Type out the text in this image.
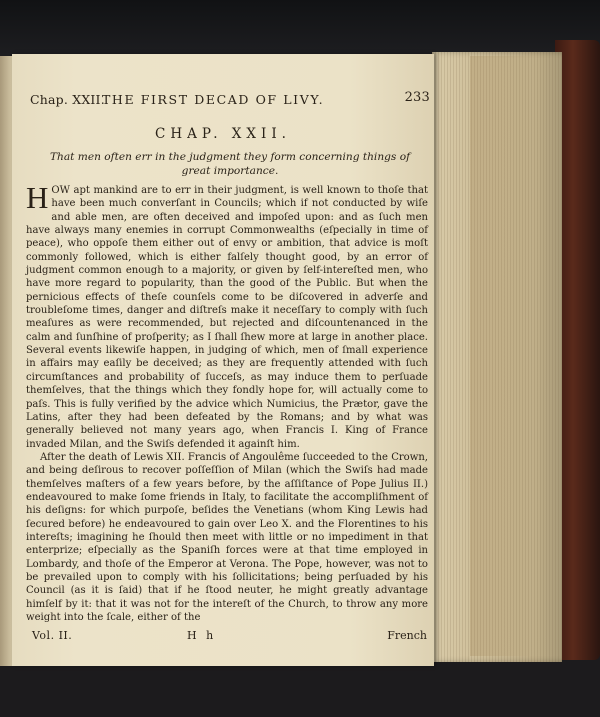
Chap. XXII.
THE FIRST DECAD OF LIVY.	233
CHAP. XXII.
That men often err in the judgment they form concerning things of great importance.

HOW apt mankind are to err in their judgment, is well known to thoſe that have been much converſant in Councils; which if not conducted by wiſe and able men, are often deceived and impoſed upon: and as ſuch men have always many enemies in corrupt Commonwealths (eſpecially in time of peace), who oppoſe them either out of envy or ambition, that advice is moſt commonly followed, which is either falſely thought good, by an error of judgment common enough to a majority, or given by ſelf-intereſted men, who have more regard to popularity, than the good of the Public. But when the pernicious effects of theſe counſels come to be diſcovered in adverſe and troubleſome times, danger and diſtreſs make it neceſſary to comply with ſuch meaſures as were recommended, but rejected and diſcountenanced in the calm and ſunſhine of proſperity; as I ſhall ſhew more at large in another place. Several events likewiſe happen, in judging of which, men of ſmall experience in affairs may eaſily be deceived; as they are frequently attended with ſuch circumſtances and probability of ſucceſs, as may induce them to perſuade themſelves, that the things which they fondly hope for, will actually come to paſs. This is fully verified by the advice which Numicius, the Prætor, gave the Latins, after they had been defeated by the Romans; and by what was generally believed not many years ago, when Francis I. King of France invaded Milan, and the Swiſs defended it againſt him.

After the death of Lewis XII. Francis of Angoulême ſucceeded to the Crown, and being deſirous to recover poſſeſſion of Milan (which the Swiſs had made themſelves maſters of a few years before, by the aſſiſtance of Pope Julius II.) endeavoured to make ſome friends in Italy, to facilitate the accompliſhment of his deſigns: for which purpoſe, beſides the Venetians (whom King Lewis had ſecured before) he endeavoured to gain over Leo X. and the Florentines to his intereſts; imagining he ſhould then meet with little or no impediment in that enterprize; eſpecially as the Spaniſh forces were at that time employed in Lombardy, and thoſe of the Emperor at Verona. The Pope, however, was not to be prevailed upon to comply with his ſollicitations; being perſuaded by his Council (as it is ſaid) that if he ſtood neuter, he might greatly advantage himſelf by it: that it was not for the intereſt of the Church, to throw any more weight into the ſcale, either of the

Vol. II.	H h	French
